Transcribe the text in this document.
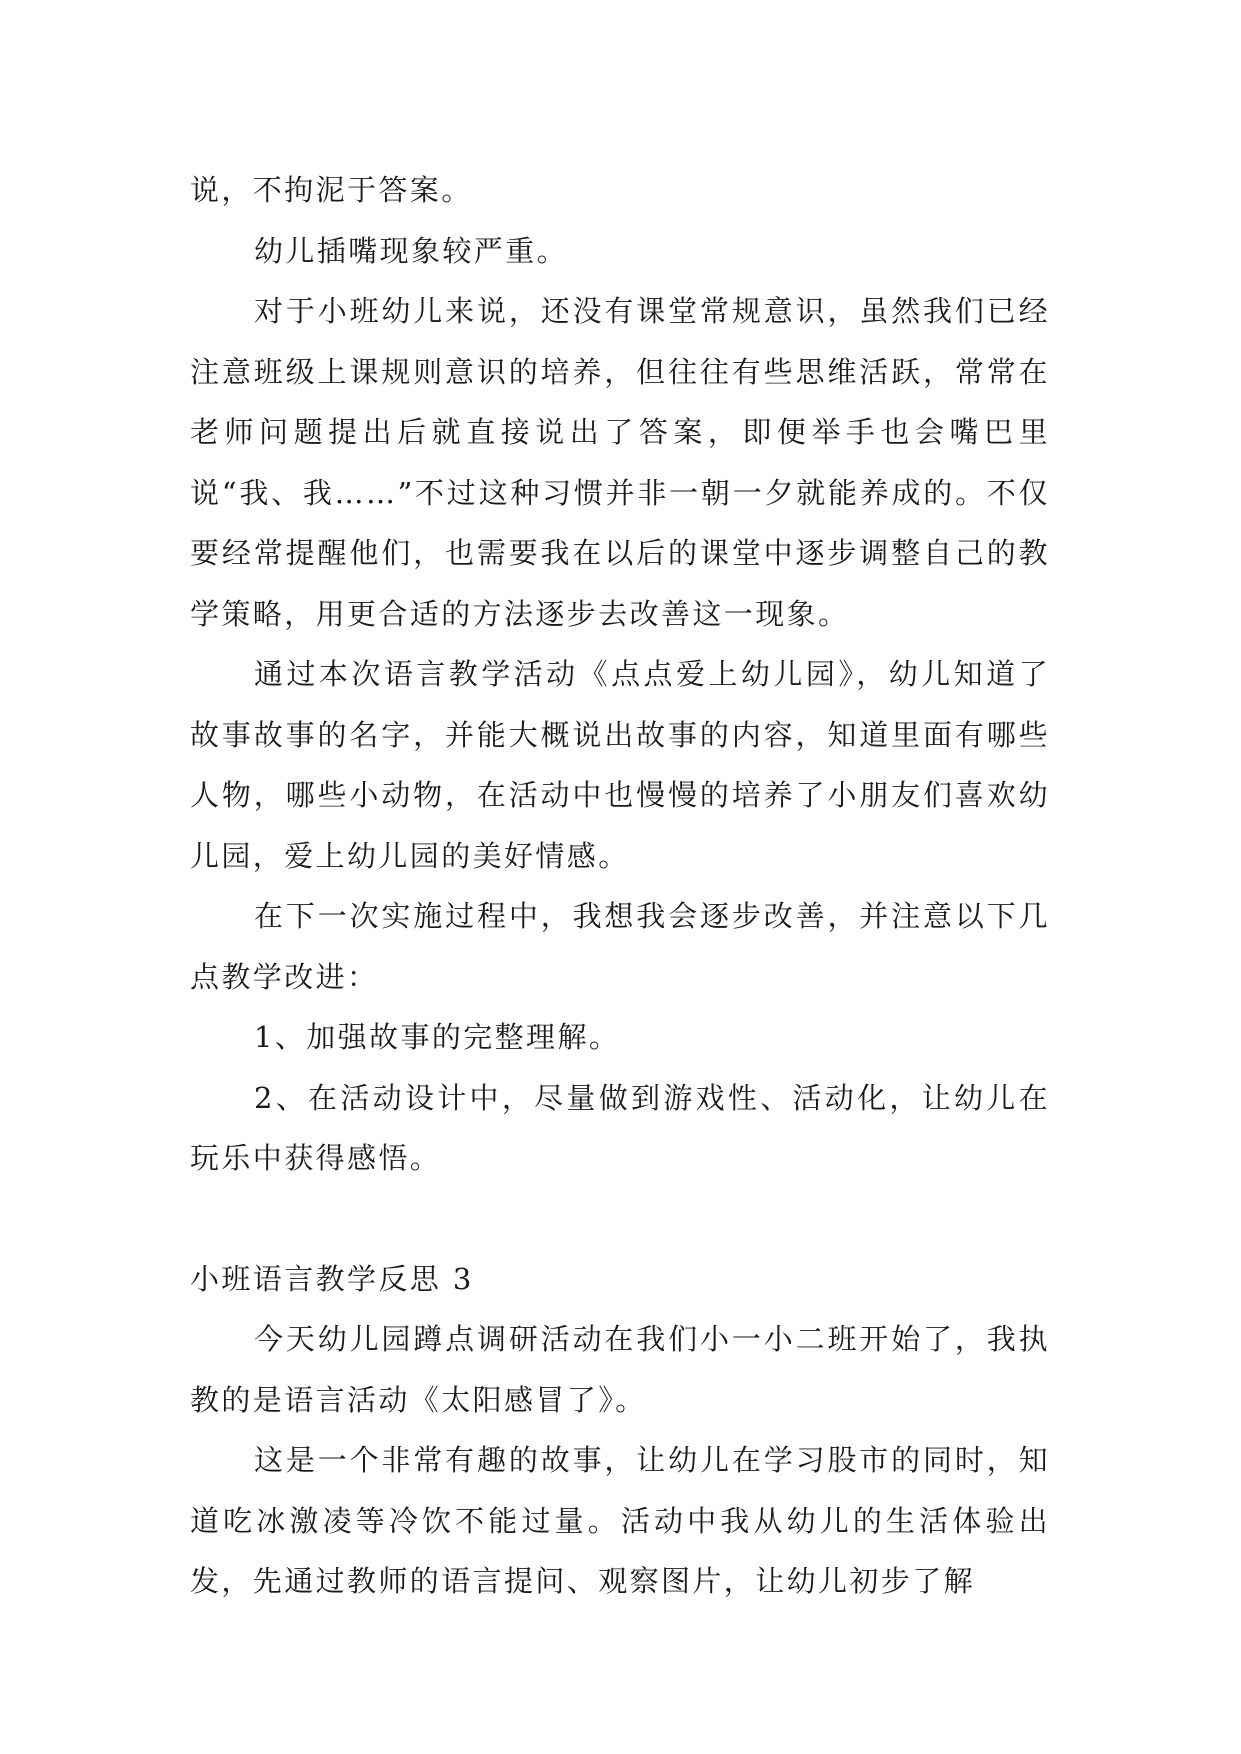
说，不拘泥于答案。

幼儿插嘴现象较严重。

对于小班幼儿来说，还没有课堂常规意识，虽然我们已经注意班级上课规则意识的培养，但往往有些思维活跃，常常在老师问题提出后就直接说出了答案，即便举手也会嘴巴里说“我、我……”不过这种习惯并非一朝一夕就能养成的。不仅要经常提醒他们，也需要我在以后的课堂中逐步调整自己的教学策略，用更合适的方法逐步去改善这一现象。

通过本次语言教学活动《点点爱上幼儿园》，幼儿知道了故事故事的名字，并能大概说出故事的内容，知道里面有哪些人物，哪些小动物，在活动中也慢慢的培养了小朋友们喜欢幼儿园，爱上幼儿园的美好情感。

在下一次实施过程中，我想我会逐步改善，并注意以下几点教学改进：

1、加强故事的完整理解。

2、在活动设计中，尽量做到游戏性、活动化，让幼儿在玩乐中获得感悟。

小班语言教学反思 3

今天幼儿园蹲点调研活动在我们小一小二班开始了，我执教的是语言活动《太阳感冒了》。

这是一个非常有趣的故事，让幼儿在学习股市的同时，知道吃冰激凌等冷饮不能过量。活动中我从幼儿的生活体验出发，先通过教师的语言提问、观察图片，让幼儿初步了解
